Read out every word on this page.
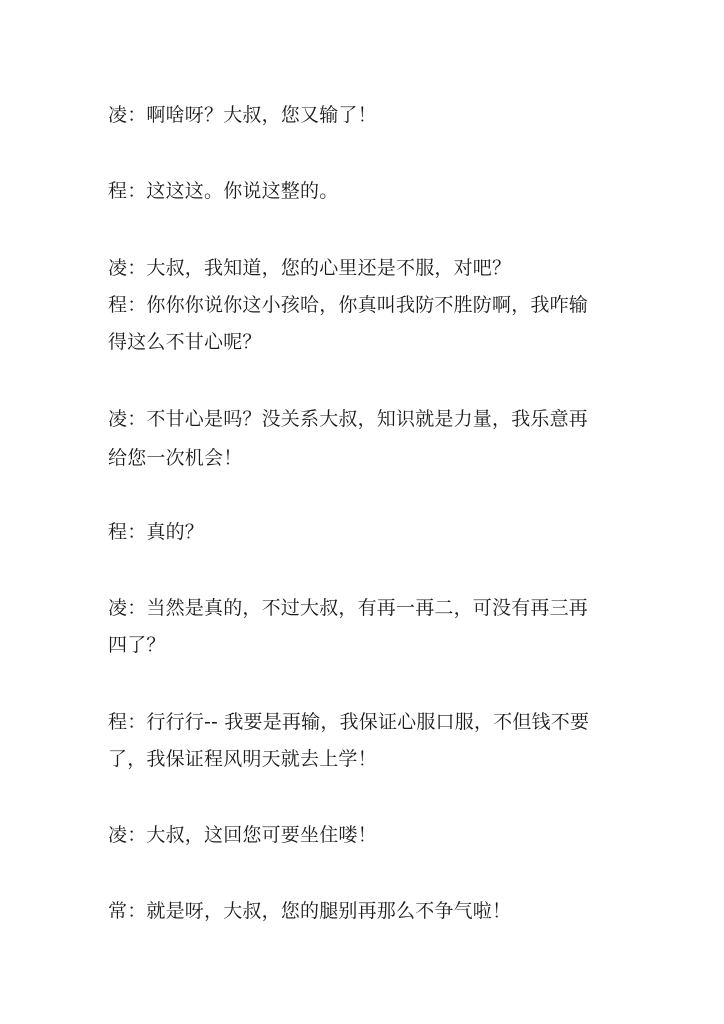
凌：啊啥呀？大叔，您又输了！
程：这这这。你说这整的。
凌：大叔，我知道，您的心里还是不服，对吧？
程：你你你说你这小孩哈，你真叫我防不胜防啊，我咋输
得这么不甘心呢？
凌：不甘心是吗？没关系大叔，知识就是力量，我乐意再
给您一次机会！
程：真的？
凌：当然是真的，不过大叔，有再一再二，可没有再三再
四了？
程：行行行-- 我要是再输，我保证心服口服，不但钱不要
了，我保证程风明天就去上学！
凌：大叔，这回您可要坐住喽！
常：就是呀，大叔，您的腿别再那么不争气啦！
